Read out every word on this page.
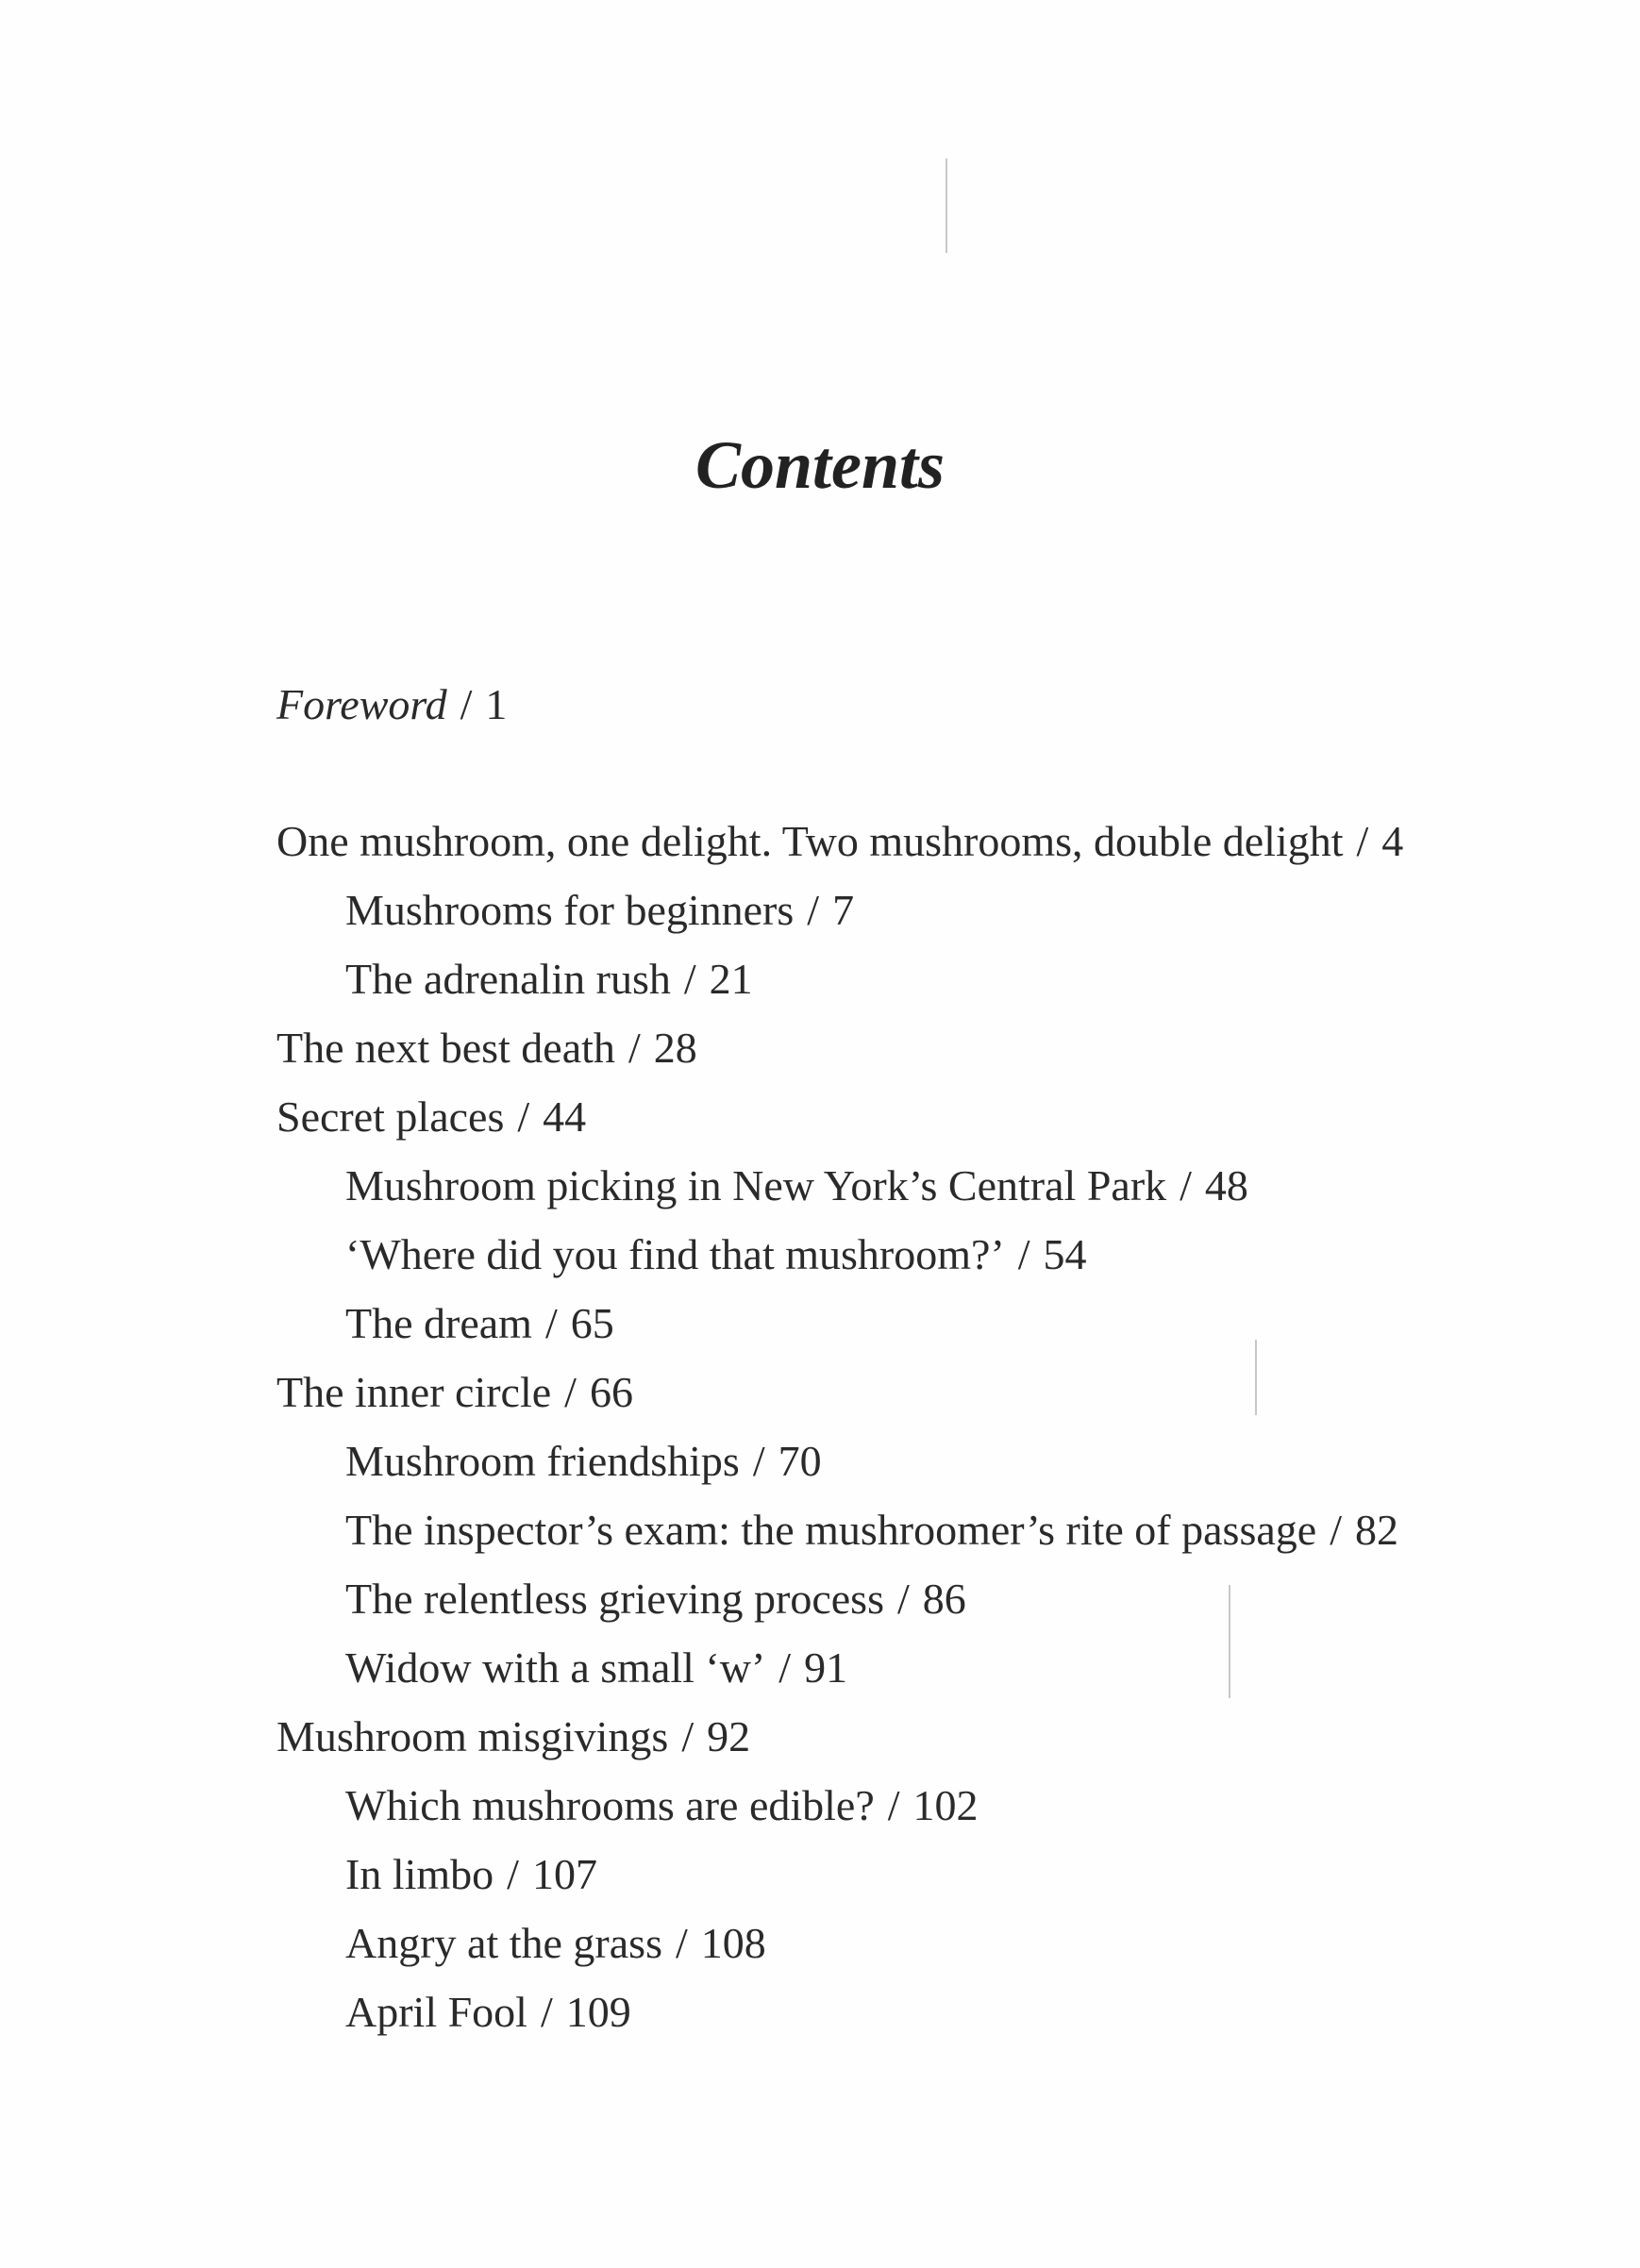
Contents
Foreword / 1
One mushroom, one delight. Two mushrooms, double delight / 4
Mushrooms for beginners / 7
The adrenalin rush / 21
The next best death / 28
Secret places / 44
Mushroom picking in New York’s Central Park / 48
‘Where did you find that mushroom?’ / 54
The dream / 65
The inner circle / 66
Mushroom friendships / 70
The inspector’s exam: the mushroomer’s rite of passage / 82
The relentless grieving process / 86
Widow with a small ‘w’ / 91
Mushroom misgivings / 92
Which mushrooms are edible? / 102
In limbo / 107
Angry at the grass / 108
April Fool / 109
